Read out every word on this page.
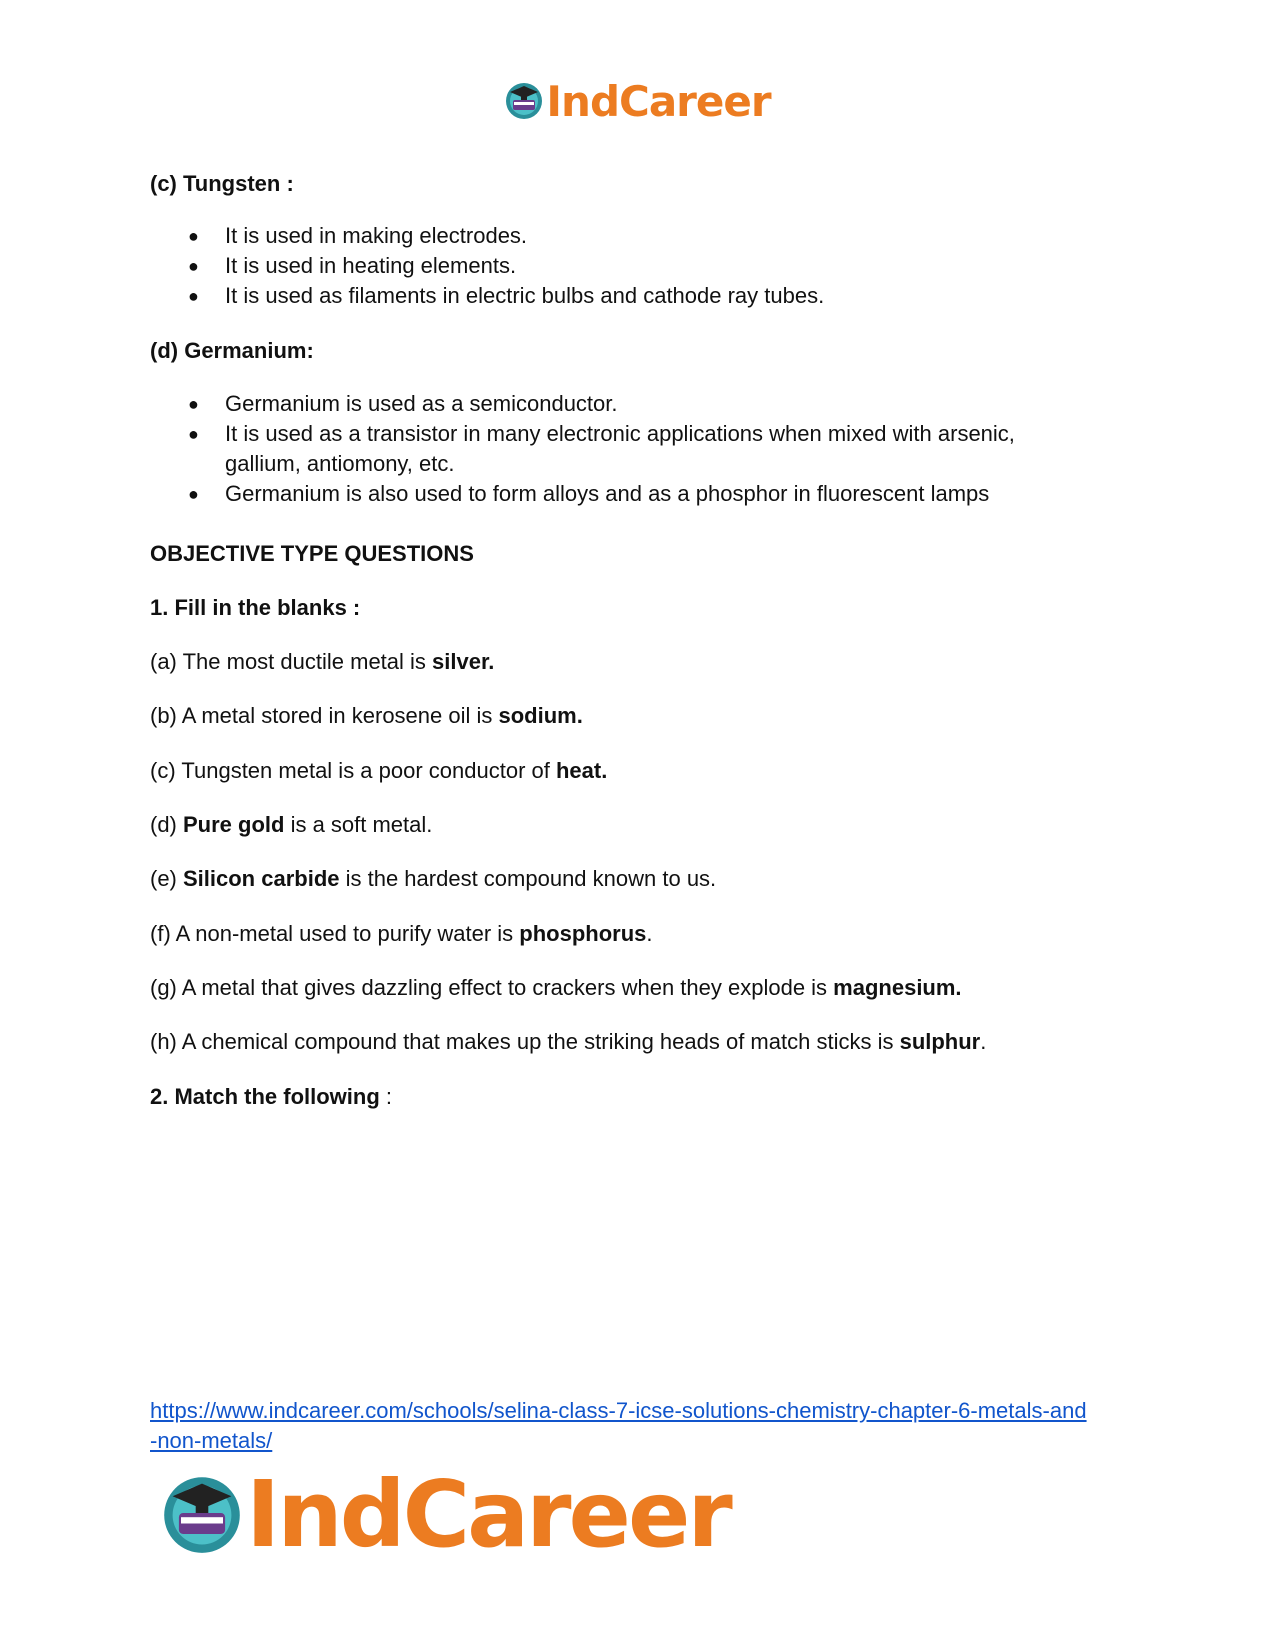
IndCareer
(c) Tungsten :
●	It is used in making electrodes.
●	It is used in heating elements.
●	It is used as filaments in electric bulbs and cathode ray tubes.
(d) Germanium:
●	Germanium is used as a semiconductor.
●	It is used as a transistor in many electronic applications when mixed with arsenic,
gallium, antiomony, etc.
●	Germanium is also used to form alloys and as a phosphor in fluorescent lamps
OBJECTIVE TYPE QUESTIONS
1. Fill in the blanks :
(a) The most ductile metal is silver.
(b) A metal stored in kerosene oil is sodium.
(c) Tungsten metal is a poor conductor of heat.
(d) Pure gold is a soft metal.
(e) Silicon carbide is the hardest compound known to us.
(f) A non-metal used to purify water is phosphorus.
(g) A metal that gives dazzling effect to crackers when they explode is magnesium.
(h) A chemical compound that makes up the striking heads of match sticks is sulphur.
2. Match the following :
https://www.indcareer.com/schools/selina-class-7-icse-solutions-chemistry-chapter-6-metals-and
-non-metals/
IndCareer
